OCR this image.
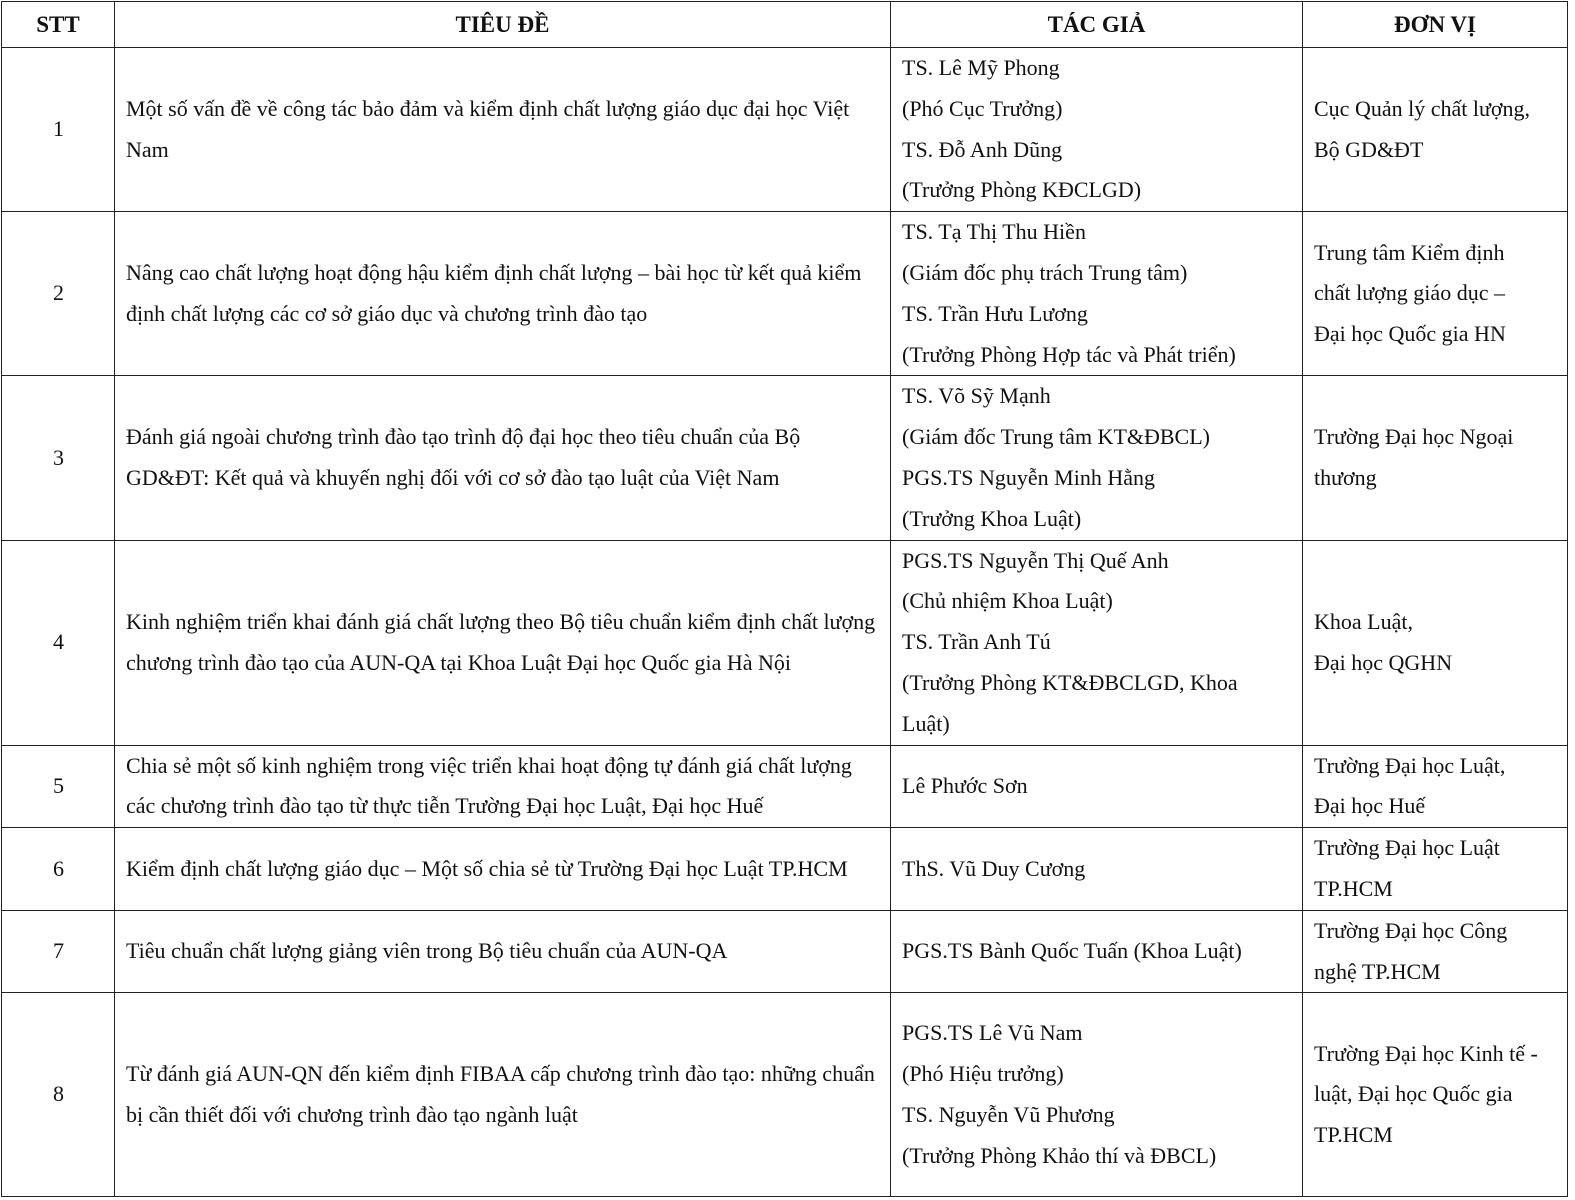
STT	TIÊU ĐỀ	TÁC GIẢ	ĐƠN VỊ
1	Một số vấn đề về công tác bảo đảm và kiểm định chất lượng giáo dục đại học Việt Nam	TS. Lê Mỹ Phong
(Phó Cục Trưởng)
TS. Đỗ Anh Dũng
(Trưởng Phòng KĐCLGD)	Cục Quản lý chất lượng,
Bộ GD&ĐT

2	Nâng cao chất lượng hoạt động hậu kiểm định chất lượng – bài học từ kết quả kiểm định chất lượng các cơ sở giáo dục và chương trình đào tạo	TS. Tạ Thị Thu Hiền
(Giám đốc phụ trách Trung tâm)
TS. Trần Hưu Lương
(Trưởng Phòng Hợp tác và Phát triển)	Trung tâm Kiểm định
chất lượng giáo dục –
Đại học Quốc gia HN

3	Đánh giá ngoài chương trình đào tạo trình độ đại học theo tiêu chuẩn của Bộ GD&ĐT: Kết quả và khuyến nghị đối với cơ sở đào tạo luật của Việt Nam	TS. Võ Sỹ Mạnh
(Giám đốc Trung tâm KT&ĐBCL)
PGS.TS Nguyễn Minh Hằng
(Trưởng Khoa Luật)	Trường Đại học Ngoại
thương

4	Kinh nghiệm triển khai đánh giá chất lượng theo Bộ tiêu chuẩn kiểm định chất lượng chương trình đào tạo của AUN-QA tại Khoa Luật Đại học Quốc gia Hà Nội	PGS.TS Nguyễn Thị Quế Anh
(Chủ nhiệm Khoa Luật)
TS. Trần Anh Tú
(Trưởng Phòng KT&ĐBCLGD, Khoa
Luật)	Khoa Luật,
Đại học QGHN

5	Chia sẻ một số kinh nghiệm trong việc triển khai hoạt động tự đánh giá chất lượng các chương trình đào tạo từ thực tiễn Trường Đại học Luật, Đại học Huế	Lê Phước Sơn	Trường Đại học Luật,
Đại học Huế

6	Kiểm định chất lượng giáo dục – Một số chia sẻ từ Trường Đại học Luật TP.HCM	ThS. Vũ Duy Cương	Trường Đại học Luật
TP.HCM

7	Tiêu chuẩn chất lượng giảng viên trong Bộ tiêu chuẩn của AUN-QA	PGS.TS Bành Quốc Tuấn (Khoa Luật)	Trường Đại học Công
nghệ TP.HCM

8	Từ đánh giá AUN-QN đến kiểm định FIBAA cấp chương trình đào tạo: những chuẩn bị cần thiết đối với chương trình đào tạo ngành luật	PGS.TS Lê Vũ Nam
(Phó Hiệu trưởng)
TS. Nguyễn Vũ Phương
(Trưởng Phòng Khảo thí và ĐBCL)	Trường Đại học Kinh tế -
luật, Đại học Quốc gia
TP.HCM
